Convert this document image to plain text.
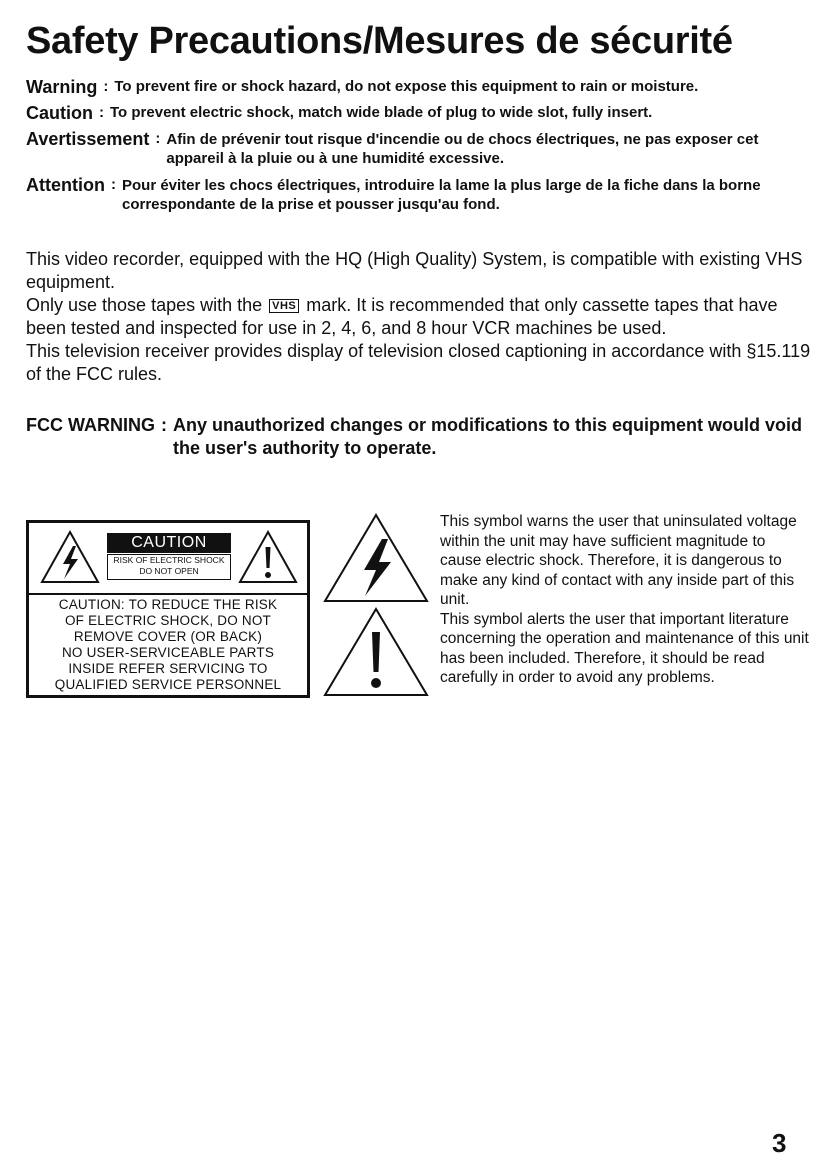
Safety Precautions/Mesures de sécurité
Warning : To prevent fire or shock hazard, do not expose this equipment to rain or moisture.
Caution : To prevent electric shock, match wide blade of plug to wide slot, fully insert.
Avertissement : Afin de prévenir tout risque d'incendie ou de chocs électriques, ne pas exposer cet appareil à la pluie ou à une humidité excessive.
Attention : Pour éviter les chocs électriques, introduire la lame la plus large de la fiche dans la borne correspondante de la prise et pousser jusqu'au fond.

This video recorder, equipped with the HQ (High Quality) System, is compatible with existing VHS equipment.

Only use those tapes with the VHS mark. It is recommended that only cassette tapes that have been tested and inspected for use in 2, 4, 6, and 8 hour VCR machines be used.

This television receiver provides display of television closed captioning in accordance with §15.119 of the FCC rules.

FCC WARNING : Any unauthorized changes or modifications to this equipment would void the user's authority to operate.
CAUTION
RISK OF ELECTRIC SHOCK
DO NOT OPEN
CAUTION: TO REDUCE THE RISK
OF ELECTRIC SHOCK, DO NOT
REMOVE COVER (OR BACK)
NO USER-SERVICEABLE PARTS
INSIDE REFER SERVICING TO
QUALIFIED SERVICE PERSONNEL

This symbol warns the user that uninsulated voltage within the unit may have sufficient magnitude to cause electric shock. Therefore, it is dangerous to make any kind of contact with any inside part of this unit.

This symbol alerts the user that important literature concerning the operation and maintenance of this unit has been included. Therefore, it should be read carefully in order to avoid any problems.

3
